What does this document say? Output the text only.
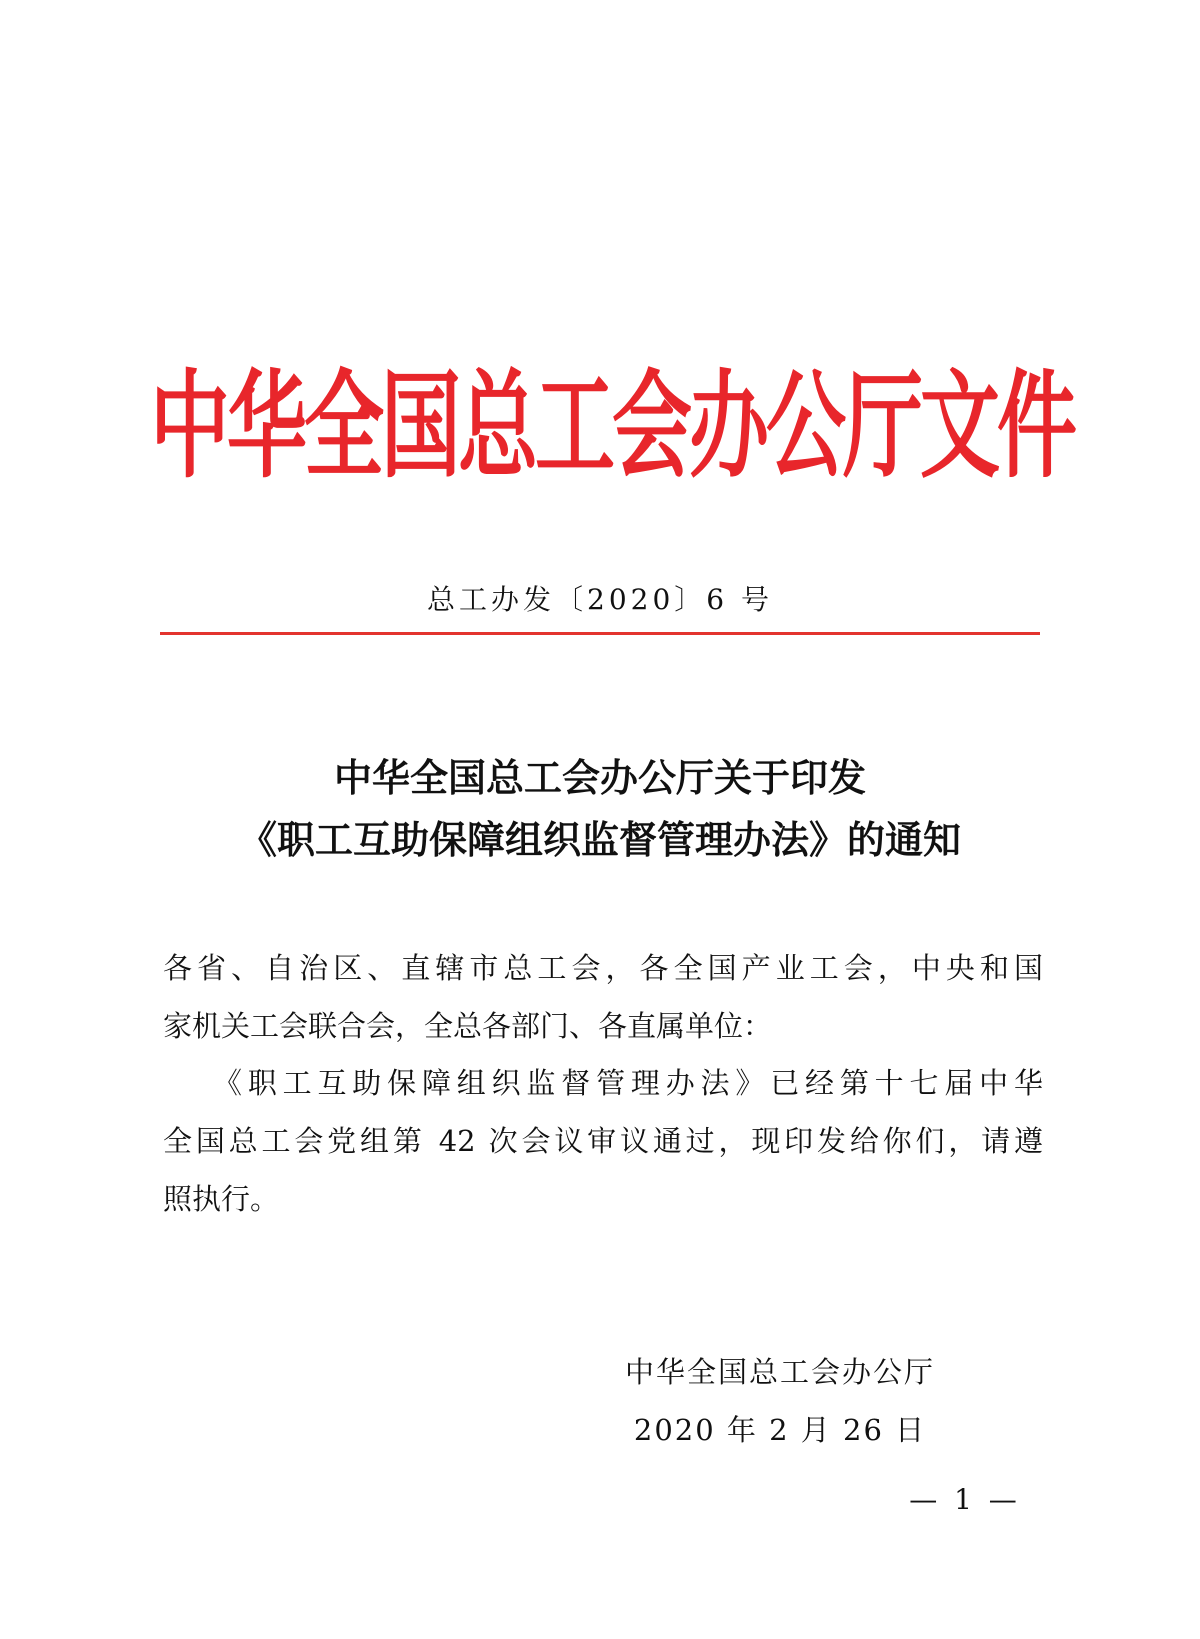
中华全国总工会办公厅文件
总工办发〔2020〕6 号
中华全国总工会办公厅关于印发
《职工互助保障组织监督管理办法》的通知
各省、自治区、直辖市总工会，各全国产业工会，中央和国
家机关工会联合会，全总各部门、各直属单位：
《职工互助保障组织监督管理办法》已经第十七届中华
全国总工会党组第 42 次会议审议通过，现印发给你们，请遵
照执行。
中华全国总工会办公厅
2020 年 2 月 26 日
— 1 —
